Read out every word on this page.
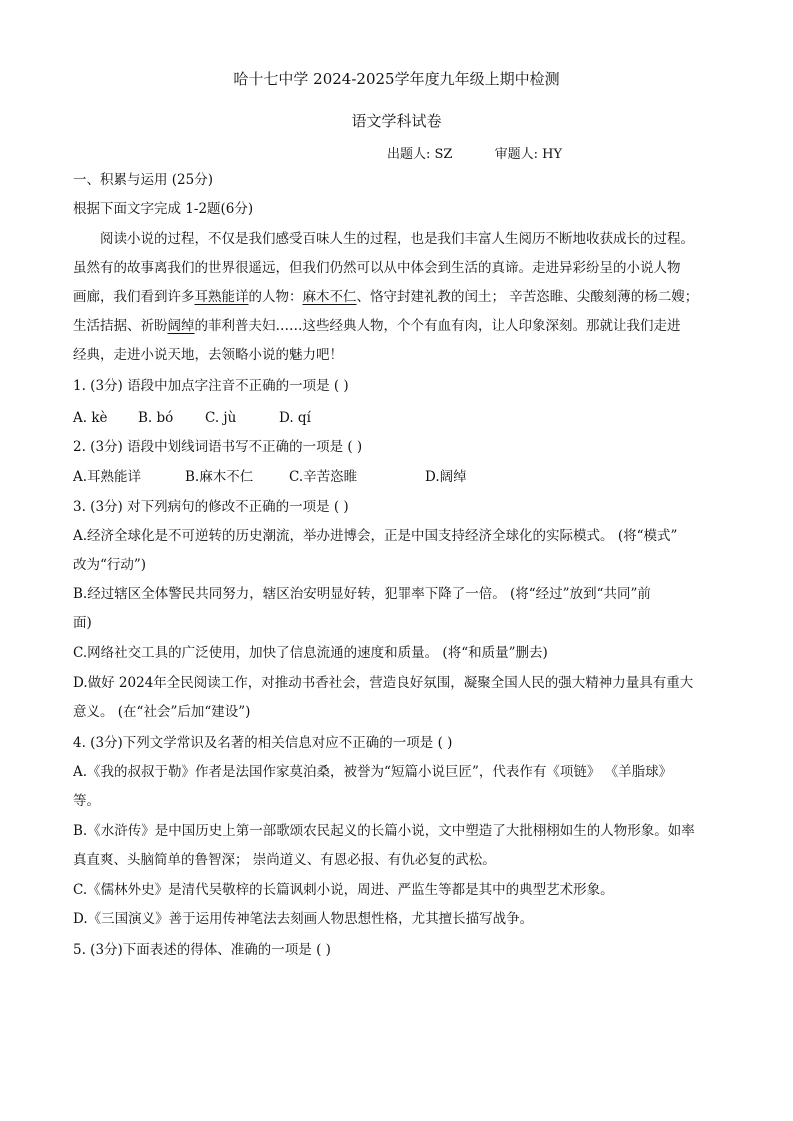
哈十七中学 2024-2025学年度九年级上期中检测
语文学科试卷
出题人: SZ	审题人: HY
一、积累与运用 (25分)
根据下面文字完成 1-2题(6分)
　　阅读小说的过程，不仅是我们感受百味人生的过程，也是我们丰富人生阅历不断地收获成长的过程。
虽然有的故事离我们的世界很遥远，但我们仍然可以从中体会到生活的真谛。走进异彩纷呈的小说人物
画廊，我们看到许多耳熟能详的人物：麻木不仁、恪守封建礼教的闰土； 辛苦恣睢、尖酸刻薄的杨二嫂；
生活拮据、祈盼阔绰的菲利普夫妇……这些经典人物，个个有血有肉，让人印象深刻。那就让我们走进
经典，走进小说天地，去领略小说的魅力吧！
1. (3分) 语段中加点字注音不正确的一项是 ( )
A. kè B. bó C. jù	D. qí
2. (3分) 语段中划线词语书写不正确的一项是 ( )
A.耳熟能详	B.麻木不仁	C.辛苦恣睢	D.阔绰
3. (3分) 对下列病句的修改不正确的一项是 ( )
A.经济全球化是不可逆转的历史潮流，举办进博会，正是中国支持经济全球化的实际模式。 (将“模式”
改为“行动”)
B.经过辖区全体警民共同努力，辖区治安明显好转，犯罪率下降了一倍。 (将“经过”放到“共同”前
面)
C.网络社交工具的广泛使用，加快了信息流通的速度和质量。 (将“和质量”删去)
D.做好 2024年全民阅读工作，对推动书香社会，营造良好氛围，凝聚全国人民的强大精神力量具有重大
意义。 (在“社会”后加“建设”)
4. (3分)下列文学常识及名著的相关信息对应不正确的一项是 ( )
A.《我的叔叔于勒》作者是法国作家莫泊桑，被誉为“短篇小说巨匠”，代表作有《项链》 《羊脂球》
等。
B.《水浒传》是中国历史上第一部歌颂农民起义的长篇小说，文中塑造了大批栩栩如生的人物形象。如率
真直爽、头脑简单的鲁智深； 崇尚道义、有恩必报、有仇必复的武松。
C.《儒林外史》是清代吴敬梓的长篇讽刺小说，周进、严监生等都是其中的典型艺术形象。
D.《三国演义》善于运用传神笔法去刻画人物思想性格，尤其擅长描写战争。
5. (3分)下面表述的得体、准确的一项是 ( )
